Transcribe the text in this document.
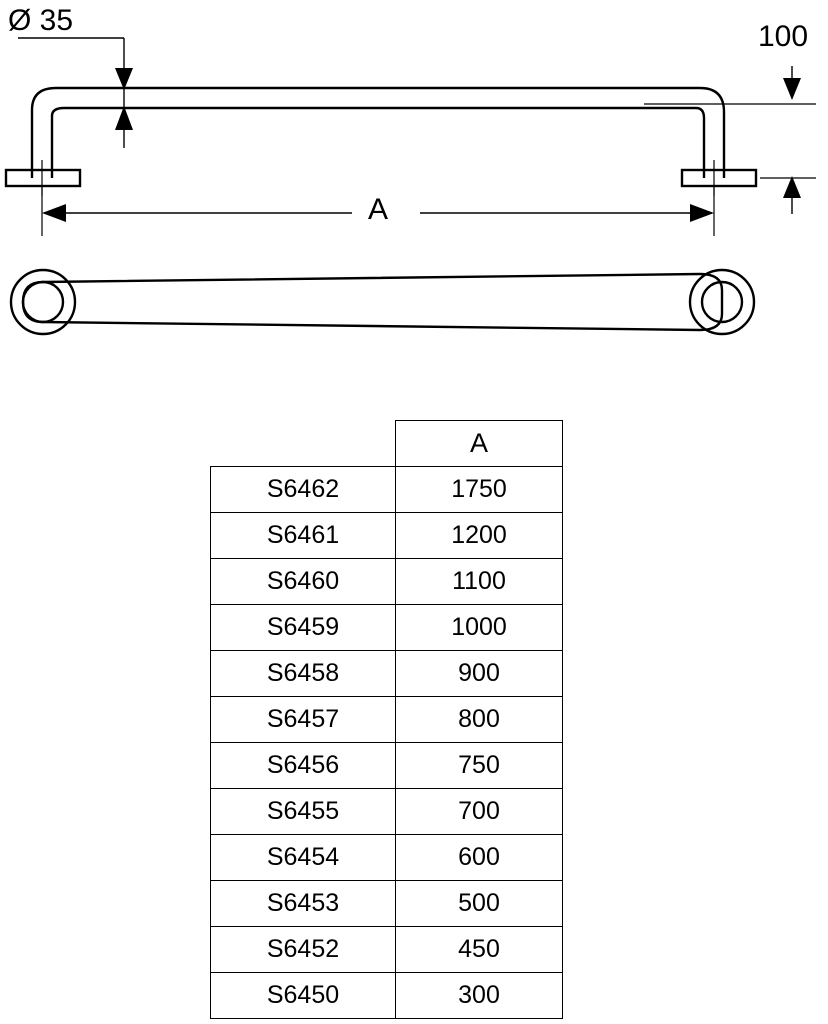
Ø 35	100
A
	A
S6462	1750
S6461	1200
S6460	1100
S6459	1000
S6458	900
S6457	800
S6456	750
S6455	700
S6454	600
S6453	500
S6452	450
S6450	300
